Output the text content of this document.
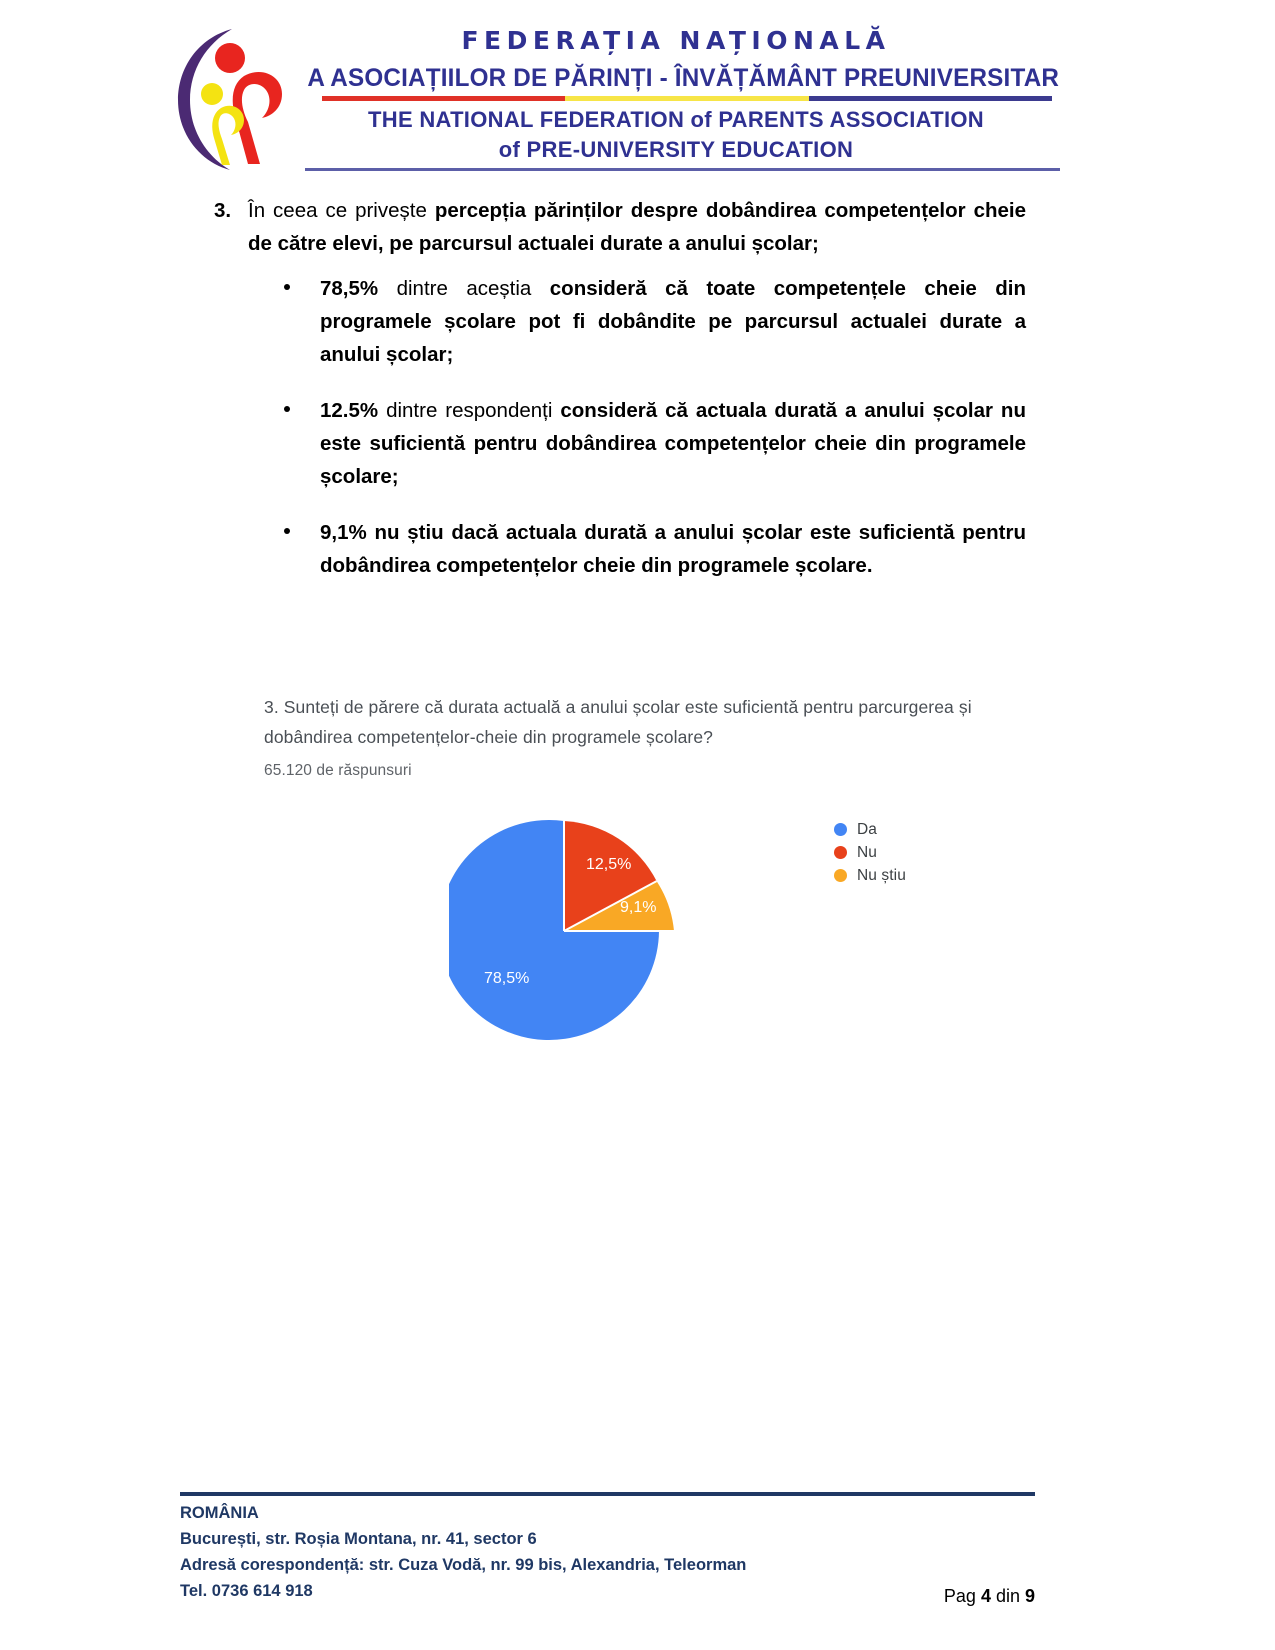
FEDERAȚIA NAȚIONALĂ
A ASOCIAȚIILOR DE PĂRINȚI - ÎNVĂȚĂMÂNT PREUNIVERSITAR
THE NATIONAL FEDERATION of PARENTS ASSOCIATION
of PRE-UNIVERSITY EDUCATION
3. În ceea ce privește percepția părinților despre dobândirea competențelor cheie de către elevi, pe parcursul actualei durate a anului școlar;
78,5% dintre aceștia consideră că toate competențele cheie din programele școlare pot fi dobândite pe parcursul actualei durate a anului școlar;
12.5% dintre respondenți consideră că actuala durată a anului școlar nu este suficientă pentru dobândirea competențelor cheie din programele școlare;
9,1% nu știu dacă actuala durată a anului școlar este suficientă pentru dobândirea competențelor cheie din programele școlare.
3. Sunteți de părere că durata actuală a anului școlar este suficientă pentru parcurgerea și dobândirea competențelor-cheie din programele școlare?
65.120 de răspunsuri
78,5%
12,5%
9,1%
Da
Nu
Nu știu
ROMÂNIA
București, str. Roșia Montana, nr. 41, sector 6
Adresă corespondență: str. Cuza Vodă, nr. 99 bis, Alexandria, Teleorman
Tel. 0736 614 918	Pag 4 din 9
